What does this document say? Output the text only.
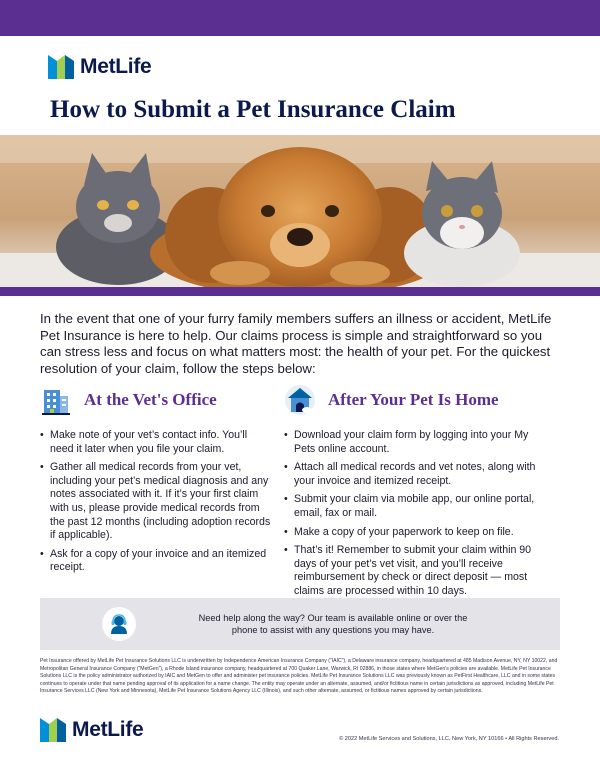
MetLife
How to Submit a Pet Insurance Claim

In the event that one of your furry family members suffers an illness or accident, MetLife Pet Insurance is here to help. Our claims process is simple and straightforward so you can stress less and focus on what matters most: the health of your pet. For the quickest resolution of your claim, follow the steps below:

At the Vet's Office	After Your Pet Is Home
• Make note of your vet’s contact info. You’ll need it later when you file your claim.
• Gather all medical records from your vet, including your pet’s medical diagnosis and any notes associated with it. If it’s your first claim with us, please provide medical records from the past 12 months (including adoption records if applicable).
• Ask for a copy of your invoice and an itemized receipt.
• Download your claim form by logging into your My Pets online account.
• Attach all medical records and vet notes, along with your invoice and itemized receipt.
• Submit your claim via mobile app, our online portal, email, fax or mail.
• Make a copy of your paperwork to keep on file.
• That’s it! Remember to submit your claim within 90 days of your pet’s vet visit, and you’ll receive reimbursement by check or direct deposit — most claims are processed within 10 days.

Need help along the way? Our team is available online or over the phone to assist with any questions you may have.

Pet Insurance offered by MetLife Pet Insurance Solutions LLC is underwritten by Independence American Insurance Company (“IAIC”), a Delaware insurance company, headquartered at 485 Madison Avenue, NY, NY 10022, and Metropolitan General Insurance Company (“MetGen”), a Rhode Island insurance company, headquartered at 700 Quaker Lane, Warwick, RI 02886, in those states where MetGen’s policies are available. MetLife Pet Insurance Solutions LLC is the policy administrator authorized by IAIC and MetGen to offer and administer pet insurance policies. MetLife Pet Insurance Solutions LLC was previously known as PetFirst Healthcare, LLC and in some states continues to operate under that name pending approval of its application for a name change. The entity may operate under an alternate, assumed, and/or fictitious name in certain jurisdictions as approved, including MetLife Pet Insurance Services LLC (New York and Minnesota), MetLife Pet Insurance Solutions Agency LLC (Illinois), and such other alternate, assumed, or fictitious names approved by certain jurisdictions.

MetLife	© 2022 MetLife Services and Solutions, LLC, New York, NY 10166 • All Rights Reserved.
